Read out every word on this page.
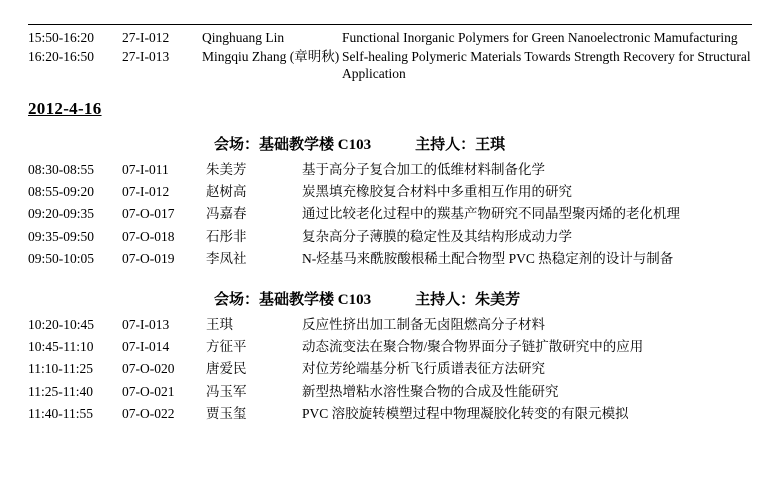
15:50-16:20	27-I-012	Qinghuang Lin	Functional Inorganic Polymers for Green Nanoelectronic Mamufacturing
16:20-16:50	27-I-013	Mingqiu Zhang (章明秋)	Self-healing Polymeric Materials Towards Strength Recovery for Structural Application
2012-4-16
会场：基础教学楼 C103	主持人：王琪
08:30-08:55	07-I-011	朱美芳	基于高分子复合加工的低维材料制备化学
08:55-09:20	07-I-012	赵树高	炭黑填充橡胶复合材料中多重相互作用的研究
09:20-09:35	07-O-017	冯嘉春	通过比较老化过程中的羰基产物研究不同晶型聚丙烯的老化机理
09:35-09:50	07-O-018	石彤非	复杂高分子薄膜的稳定性及其结构形成动力学
09:50-10:05	07-O-019	李凤社	N-烃基马来酰胺酸根稀土配合物型 PVC 热稳定剂的设计与制备
会场：基础教学楼 C103	主持人：朱美芳
10:20-10:45	07-I-013	王琪	反应性挤出加工制备无卤阻燃高分子材料
10:45-11:10	07-I-014	方征平	动态流变法在聚合物/聚合物界面分子链扩散研究中的应用
11:10-11:25	07-O-020	唐爱民	对位芳纶端基分析飞行质谱表征方法研究
11:25-11:40	07-O-021	冯玉军	新型热增粘水溶性聚合物的合成及性能研究
11:40-11:55	07-O-022	贾玉玺	PVC 溶胶旋转模塑过程中物理凝胶化转变的有限元模拟
